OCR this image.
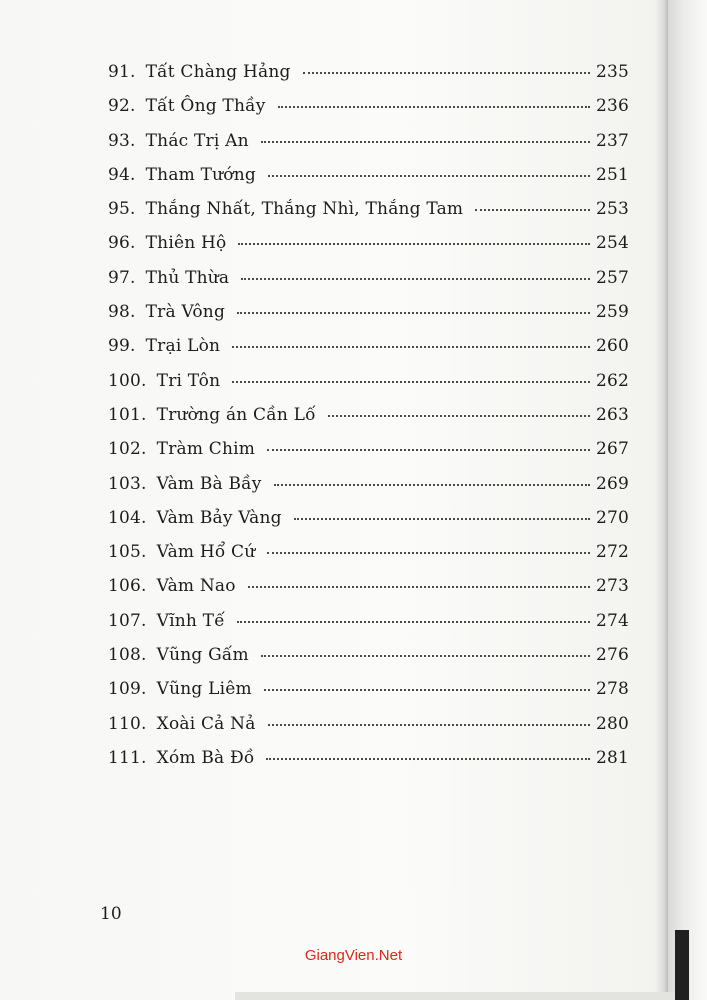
91. Tất Chàng Hảng	235
92. Tất Ông Thầy	236
93. Thác Trị An	237
94. Tham Tướng	251
95. Thắng Nhất, Thắng Nhì, Thắng Tam	253
96. Thiên Hộ	254
97. Thủ Thừa	257
98. Trà Vông	259
99. Trại Lòn	260
100. Tri Tôn	262
101. Trường án Cần Lố	263
102. Tràm Chim	267
103. Vàm Bà Bầy	269
104. Vàm Bảy Vàng	270
105. Vàm Hổ Cứ	272
106. Vàm Nao	273
107. Vĩnh Tế	274
108. Vũng Gấm	276
109. Vũng Liêm	278
110. Xoài Cả Nả	280
111. Xóm Bà Đồ	281
10
GiangVien.Net
